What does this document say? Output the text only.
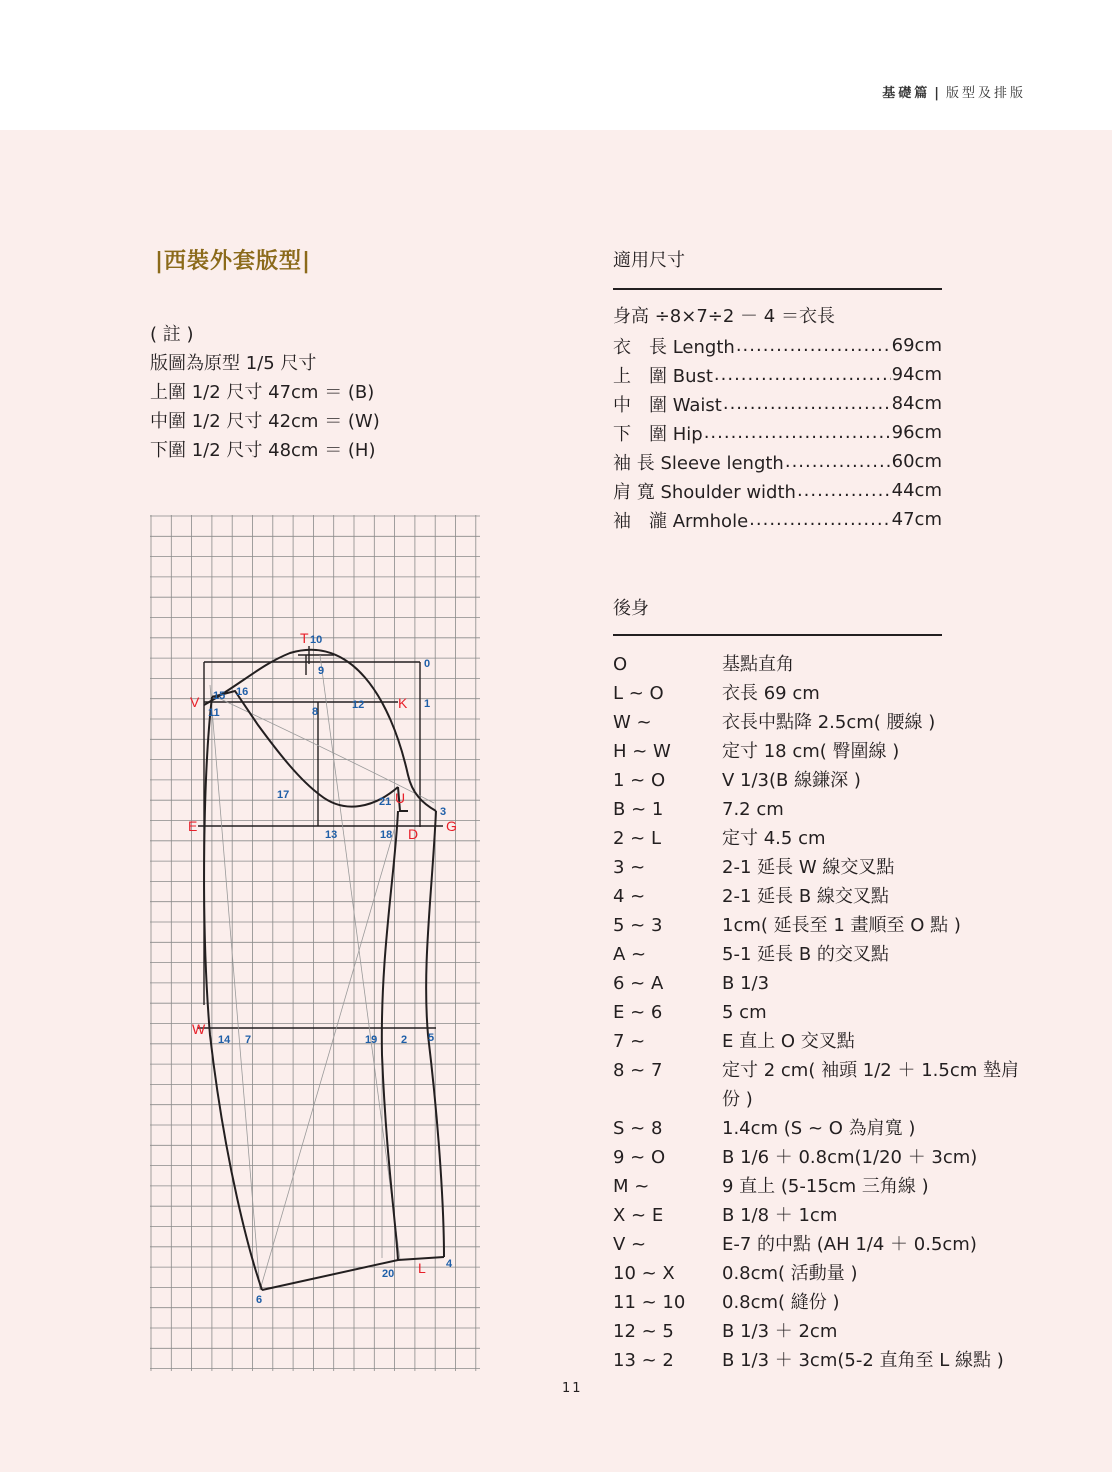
基礎篇 | 版型及排版
|西裝外套版型|
( 註 )
版圖為原型 1/5 尺寸
上圍 1/2 尺寸 47cm ＝ (B)
中圍 1/2 尺寸 42cm ＝ (W)
下圍 1/2 尺寸 48cm ＝ (H)
適用尺寸
身高 ÷8×7÷2 － 4 ＝衣長
衣　長 Length .....	69cm
上　圍 Bust .....	94cm
中　圍 Waist .....	84cm
下　圍 Hip .....	96cm
袖 長 Sleeve length .....	60cm
肩 寬 Shoulder width .....	44cm
袖　瀧 Armhole .....	47cm
後身
O	基點直角
L ~ O	衣長 69 cm
W ~	衣長中點降 2.5cm( 腰線 )
H ~ W	定寸 18 cm( 臀圍線 )
1 ~ O	V 1/3(B 線鎌深 )
B ~ 1	7.2 cm
2 ~ L	定寸 4.5 cm
3 ~	2-1 延長 W 線交叉點
4 ~	2-1 延長 B 線交叉點
5 ~ 3	1cm( 延長至 1 畫順至 O 點 )
A ~	5-1 延長 B 的交叉點
6 ~ A	B 1/3
E ~ 6	5 cm
7 ~	E 直上 O 交叉點
8 ~ 7	定寸 2 cm( 袖頭 1/2 ＋ 1.5cm 墊肩份 )
S ~ 8	1.4cm (S ~ O 為肩寬 )
9 ~ O	B 1/6 ＋ 0.8cm(1/20 ＋ 3cm)
M ~	9 直上 (5-15cm 三角線 )
X ~ E	B 1/8 ＋ 1cm
V ~	E-7 的中點 (AH 1/4 ＋ 0.5cm)
10 ~ X	0.8cm( 活動量 )
11 ~ 10	0.8cm( 縫份 )
12 ~ 5	B 1/3 ＋ 2cm
13 ~ 2	B 1/3 ＋ 3cm(5-2 直角至 L 線點 )
T
V	K
E
U
D G
W
L
10
9
0
15 16
11	8
12	1
17
21
3
13	18
14 7	19 2 5
20
4
6
11
